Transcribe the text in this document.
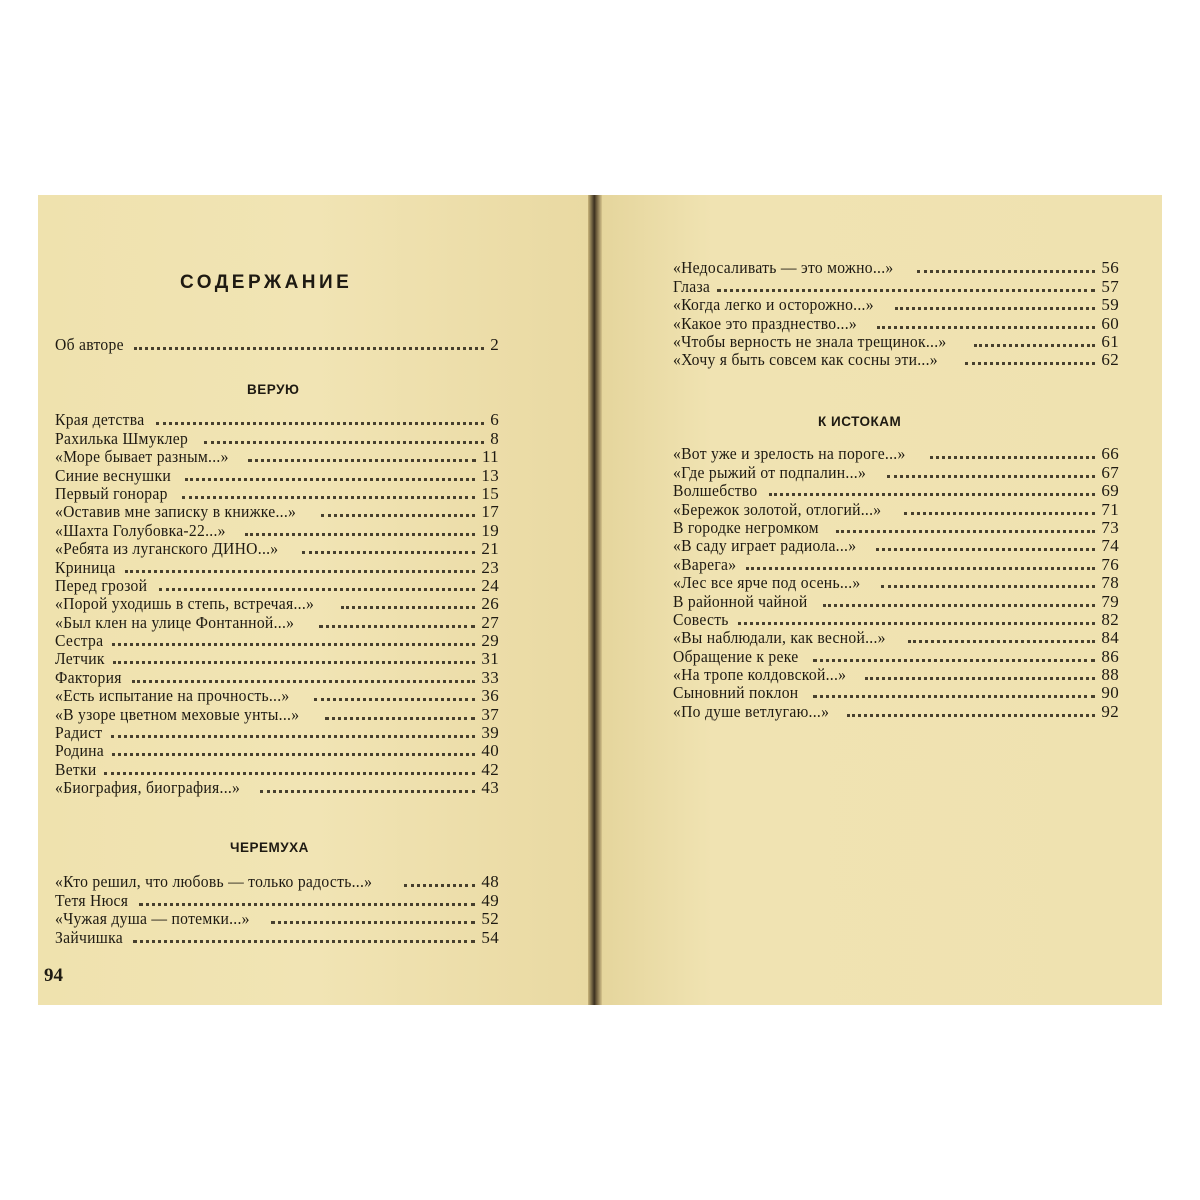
СОДЕРЖАНИЕ
Об авторе	2
ВЕРУЮ
Края детства	6
Рахилька Шмуклер	8
«Море бывает разным...»	11
Синие веснушки	13
Первый гонорар	15
«Оставив мне записку в книжке...»	17
«Шахта Голубовка-22...»	19
«Ребята из луганского ДИНО...»	21
Криница	23
Перед грозой	24
«Порой уходишь в степь, встречая...»	26
«Был клен на улице Фонтанной...»	27
Сестра	29
Летчик	31
Фактория	33
«Есть испытание на прочность...»	36
«В узоре цветном меховые унты...»	37
Радист	39
Родина	40
Ветки	42
«Биография, биография...»	43
ЧЕРЕМУХА
«Кто решил, что любовь — только радость...»	48
Тетя Нюся	49
«Чужая душа — потемки...»	52
Зайчишка	54
«Недосаливать — это можно...»	56
Глаза	57
«Когда легко и осторожно...»	59
«Какое это празднество...»	60
«Чтобы верность не знала трещинок...»	61
«Хочу я быть совсем как сосны эти...»	62
К ИСТОКАМ
«Вот уже и зрелость на пороге...»	66
«Где рыжий от подпалин...»	67
Волшебство	69
«Бережок золотой, отлогий...»	71
В городке негромком	73
«В саду играет радиола...»	74
«Варега»	76
«Лес все ярче под осень...»	78
В районной чайной	79
Совесть	82
«Вы наблюдали, как весной...»	84
Обращение к реке	86
«На тропе колдовской...»	88
Сыновний поклон	90
«По душе ветлугаю...»	92
94
